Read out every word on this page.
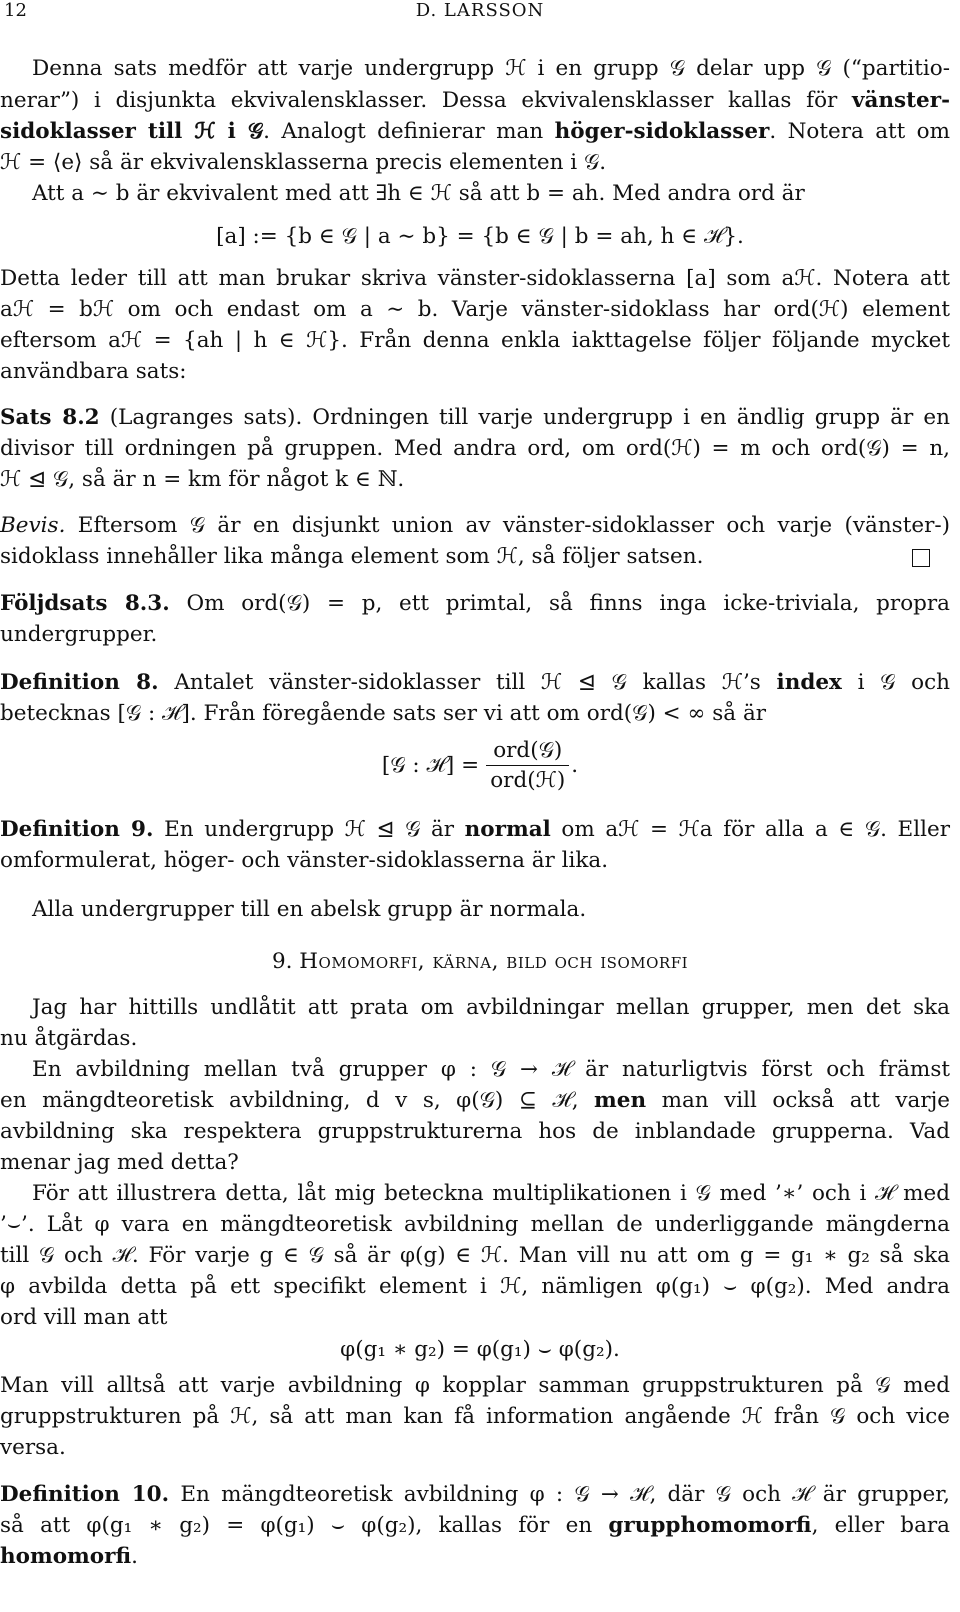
12	D. LARSSON
Denna sats medför att varje undergrupp ℋ i en grupp 𝒢 delar upp 𝒢 (“partitio-
nerar”) i disjunkta ekvivalensklasser. Dessa ekvivalensklasser kallas för vänster-
sidoklasser till ℋ i 𝒢. Analogt definierar man höger-sidoklasser. Notera att om
ℋ = ⟨e⟩ så är ekvivalensklasserna precis elementen i 𝒢.
Att a ∼ b är ekvivalent med att ∃h ∈ ℋ så att b = ah. Med andra ord är
[a] := {b ∈ 𝒢 | a ∼ b} = {b ∈ 𝒢 | b = ah, h ∈ ℋ}.
Detta leder till att man brukar skriva vänster-sidoklasserna [a] som aℋ. Notera att
aℋ = bℋ om och endast om a ∼ b. Varje vänster-sidoklass har ord(ℋ) element
eftersom aℋ = {ah | h ∈ ℋ}. Från denna enkla iakttagelse följer följande mycket
användbara sats:
Sats 8.2 (Lagranges sats). Ordningen till varje undergrupp i en ändlig grupp är en
divisor till ordningen på gruppen. Med andra ord, om ord(ℋ) = m och ord(𝒢) = n,
ℋ ⊴ 𝒢, så är n = km för något k ∈ ℕ.
Bevis. Eftersom 𝒢 är en disjunkt union av vänster-sidoklasser och varje (vänster-)
sidoklass innehåller lika många element som ℋ, så följer satsen.
Följdsats 8.3. Om ord(𝒢) = p, ett primtal, så finns inga icke-triviala, propra
undergrupper.
Definition 8. Antalet vänster-sidoklasser till ℋ ⊴ 𝒢 kallas ℋ’s index i 𝒢 och
betecknas [𝒢 : ℋ]. Från föregående sats ser vi att om ord(𝒢) < ∞ så är
[𝒢 : ℋ] = $\frac{\text{ord(𝒢)}}{\text{ord(ℋ)}}$ .
Definition 9. En undergrupp ℋ ⊴ 𝒢 är normal om aℋ = ℋa för alla a ∈ 𝒢. Eller
omformulerat, höger- och vänster-sidoklasserna är lika.
Alla undergrupper till en abelsk grupp är normala.
9. Homomorfi, kärna, bild och isomorfi
Jag har hittills undlåtit att prata om avbildningar mellan grupper, men det ska
nu åtgärdas.
En avbildning mellan två grupper φ : 𝒢 → ℋ är naturligtvis först och främst
en mängdteoretisk avbildning, d v s, φ(𝒢) ⊆ ℋ, men man vill också att varje
avbildning ska respektera gruppstrukturerna hos de inblandade grupperna. Vad
menar jag med detta?
För att illustrera detta, låt mig beteckna multiplikationen i 𝒢 med ’∗’ och i ℋ med
’⌣’. Låt φ vara en mängdteoretisk avbildning mellan de underliggande mängderna
till 𝒢 och ℋ. För varje g ∈ 𝒢 så är φ(g) ∈ ℋ. Man vill nu att om g = g₁ ∗ g₂ så ska
φ avbilda detta på ett specifikt element i ℋ, nämligen φ(g₁) ⌣ φ(g₂). Med andra
ord vill man att
φ(g₁ ∗ g₂) = φ(g₁) ⌣ φ(g₂).
Man vill alltså att varje avbildning φ kopplar samman gruppstrukturen på 𝒢 med
gruppstrukturen på ℋ, så att man kan få information angående ℋ från 𝒢 och vice
versa.
Definition 10. En mängdteoretisk avbildning φ : 𝒢 → ℋ, där 𝒢 och ℋ är grupper,
så att φ(g₁ ∗ g₂) = φ(g₁) ⌣ φ(g₂), kallas för en grupphomomorfi, eller bara
homomorfi.
